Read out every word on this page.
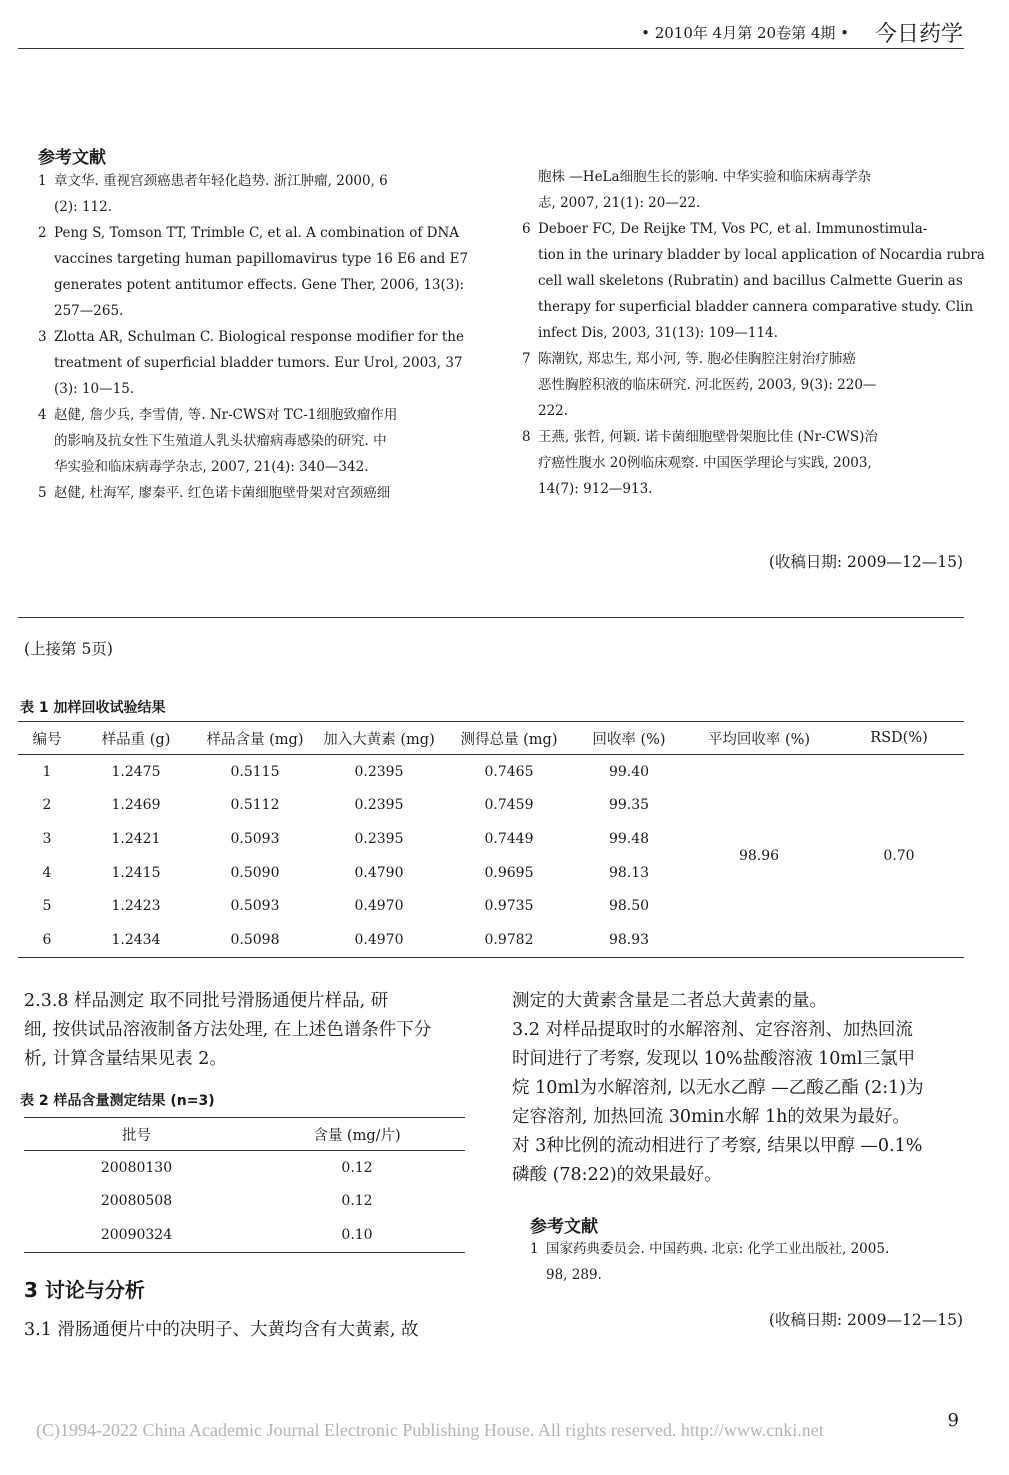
• 2010年 4月第 20卷第 4期 • 今日药学
参考文献
1 章文华. 重视宫颈癌患者年轻化趋势. 浙江肿瘤, 2000, 6
(2): 112.
2 Peng S, Tomson TT, Trimble C, et al. A combination of DNA
vaccines targeting human papillomavirus type 16 E6 and E7
generates potent antitumor effects. Gene Ther, 2006, 13(3):
257—265.
3 Zlotta AR, Schulman C. Biological response modifier for the
treatment of superficial bladder tumors. Eur Urol, 2003, 37
(3): 10—15.
4 赵健, 詹少兵, 李雪倩, 等. Nr-CWS对 TC-1细胞致瘤作用
的影响及抗女性下生殖道人乳头状瘤病毒感染的研究. 中
华实验和临床病毒学杂志, 2007, 21(4): 340—342.
5 赵健, 杜海军, 廖秦平. 红色诺卡菌细胞壁骨架对宫颈癌细
胞株 —HeLa细胞生长的影响. 中华实验和临床病毒学杂
志, 2007, 21(1): 20—22.
6 Deboer FC, De Reijke TM, Vos PC, et al. Immunostimula-
tion in the urinary bladder by local application of Nocardia rubra
cell wall skeletons (Rubratin) and bacillus Calmette Guerin as
therapy for superficial bladder cannera comparative study. Clin
infect Dis, 2003, 31(13): 109—114.
7 陈潮钦, 郑忠生, 郑小河, 等. 胞必佳胸腔注射治疗肺癌
恶性胸腔积液的临床研究. 河北医药, 2003, 9(3): 220—
222.
8 王燕, 张哲, 何颖. 诺卡菌细胞壁骨架胞比佳 (Nr-CWS)治
疗癌性腹水 20例临床观察. 中国医学理论与实践, 2003,
14(7): 912—913.
(收稿日期: 2009—12—15)
(上接第 5页)
表 1 加样回收试验结果
编号	样品重 (g)	样品含量 (mg)	加入大黄素 (mg)	测得总量 (mg)	回收率 (%)	平均回收率 (%)	RSD(%)
1	1.2475	0.5115	0.2395	0.7465	99.40	98.96	0.70
2	1.2469	0.5112	0.2395	0.7459	99.35		
3	1.2421	0.5093	0.2395	0.7449	99.48		
4	1.2415	0.5090	0.4790	0.9695	98.13		
5	1.2423	0.5093	0.4970	0.9735	98.50		
6	1.2434	0.5098	0.4970	0.9782	98.93		
2.3.8 样品测定 取不同批号滑肠通便片样品, 研
细, 按供试品溶液制备方法处理, 在上述色谱条件下分
析, 计算含量结果见表 2。
表 2 样品含量测定结果 (n=3)
批号	含量 (mg/片)
20080130	0.12
20080508	0.12
20090324	0.10
3 讨论与分析
3.1 滑肠通便片中的决明子、大黄均含有大黄素, 故
测定的大黄素含量是二者总大黄素的量。
3.2 对样品提取时的水解溶剂、定容溶剂、加热回流
时间进行了考察, 发现以 10%盐酸溶液 10ml三氯甲
烷 10ml为水解溶剂, 以无水乙醇 —乙酸乙酯 (2:1)为
定容溶剂, 加热回流 30min水解 1h的效果为最好。
对 3种比例的流动相进行了考察, 结果以甲醇 —0.1%
磷酸 (78:22)的效果最好。
参考文献
1 国家药典委员会. 中国药典. 北京: 化学工业出版社, 2005.
98, 289.
(收稿日期: 2009—12—15)
(C)1994-2022 China Academic Journal Electronic Publishing House. All rights reserved. http://www.cnki.net	9
